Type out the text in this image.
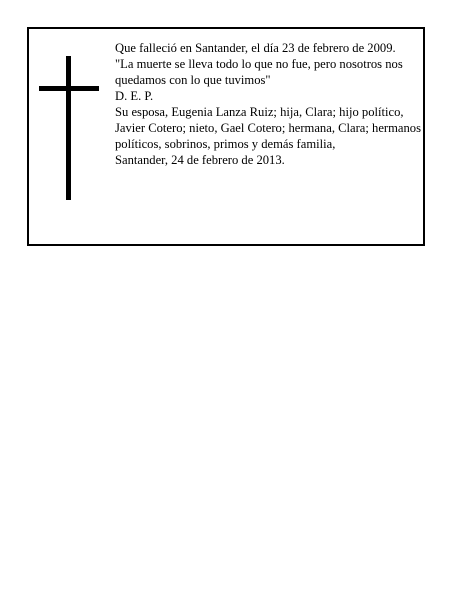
Que falleció en Santander, el día 23 de febrero de 2009.

"La muerte se lleva todo lo que no fue, pero nosotros nos quedamos con lo que tuvimos"

D. E. P.

Su esposa, Eugenia Lanza Ruiz; hija, Clara; hijo político, Javier Cotero; nieto, Gael Cotero; hermana, Clara; hermanos políticos, sobrinos, primos y demás familia,

Santander, 24 de febrero de 2013.
